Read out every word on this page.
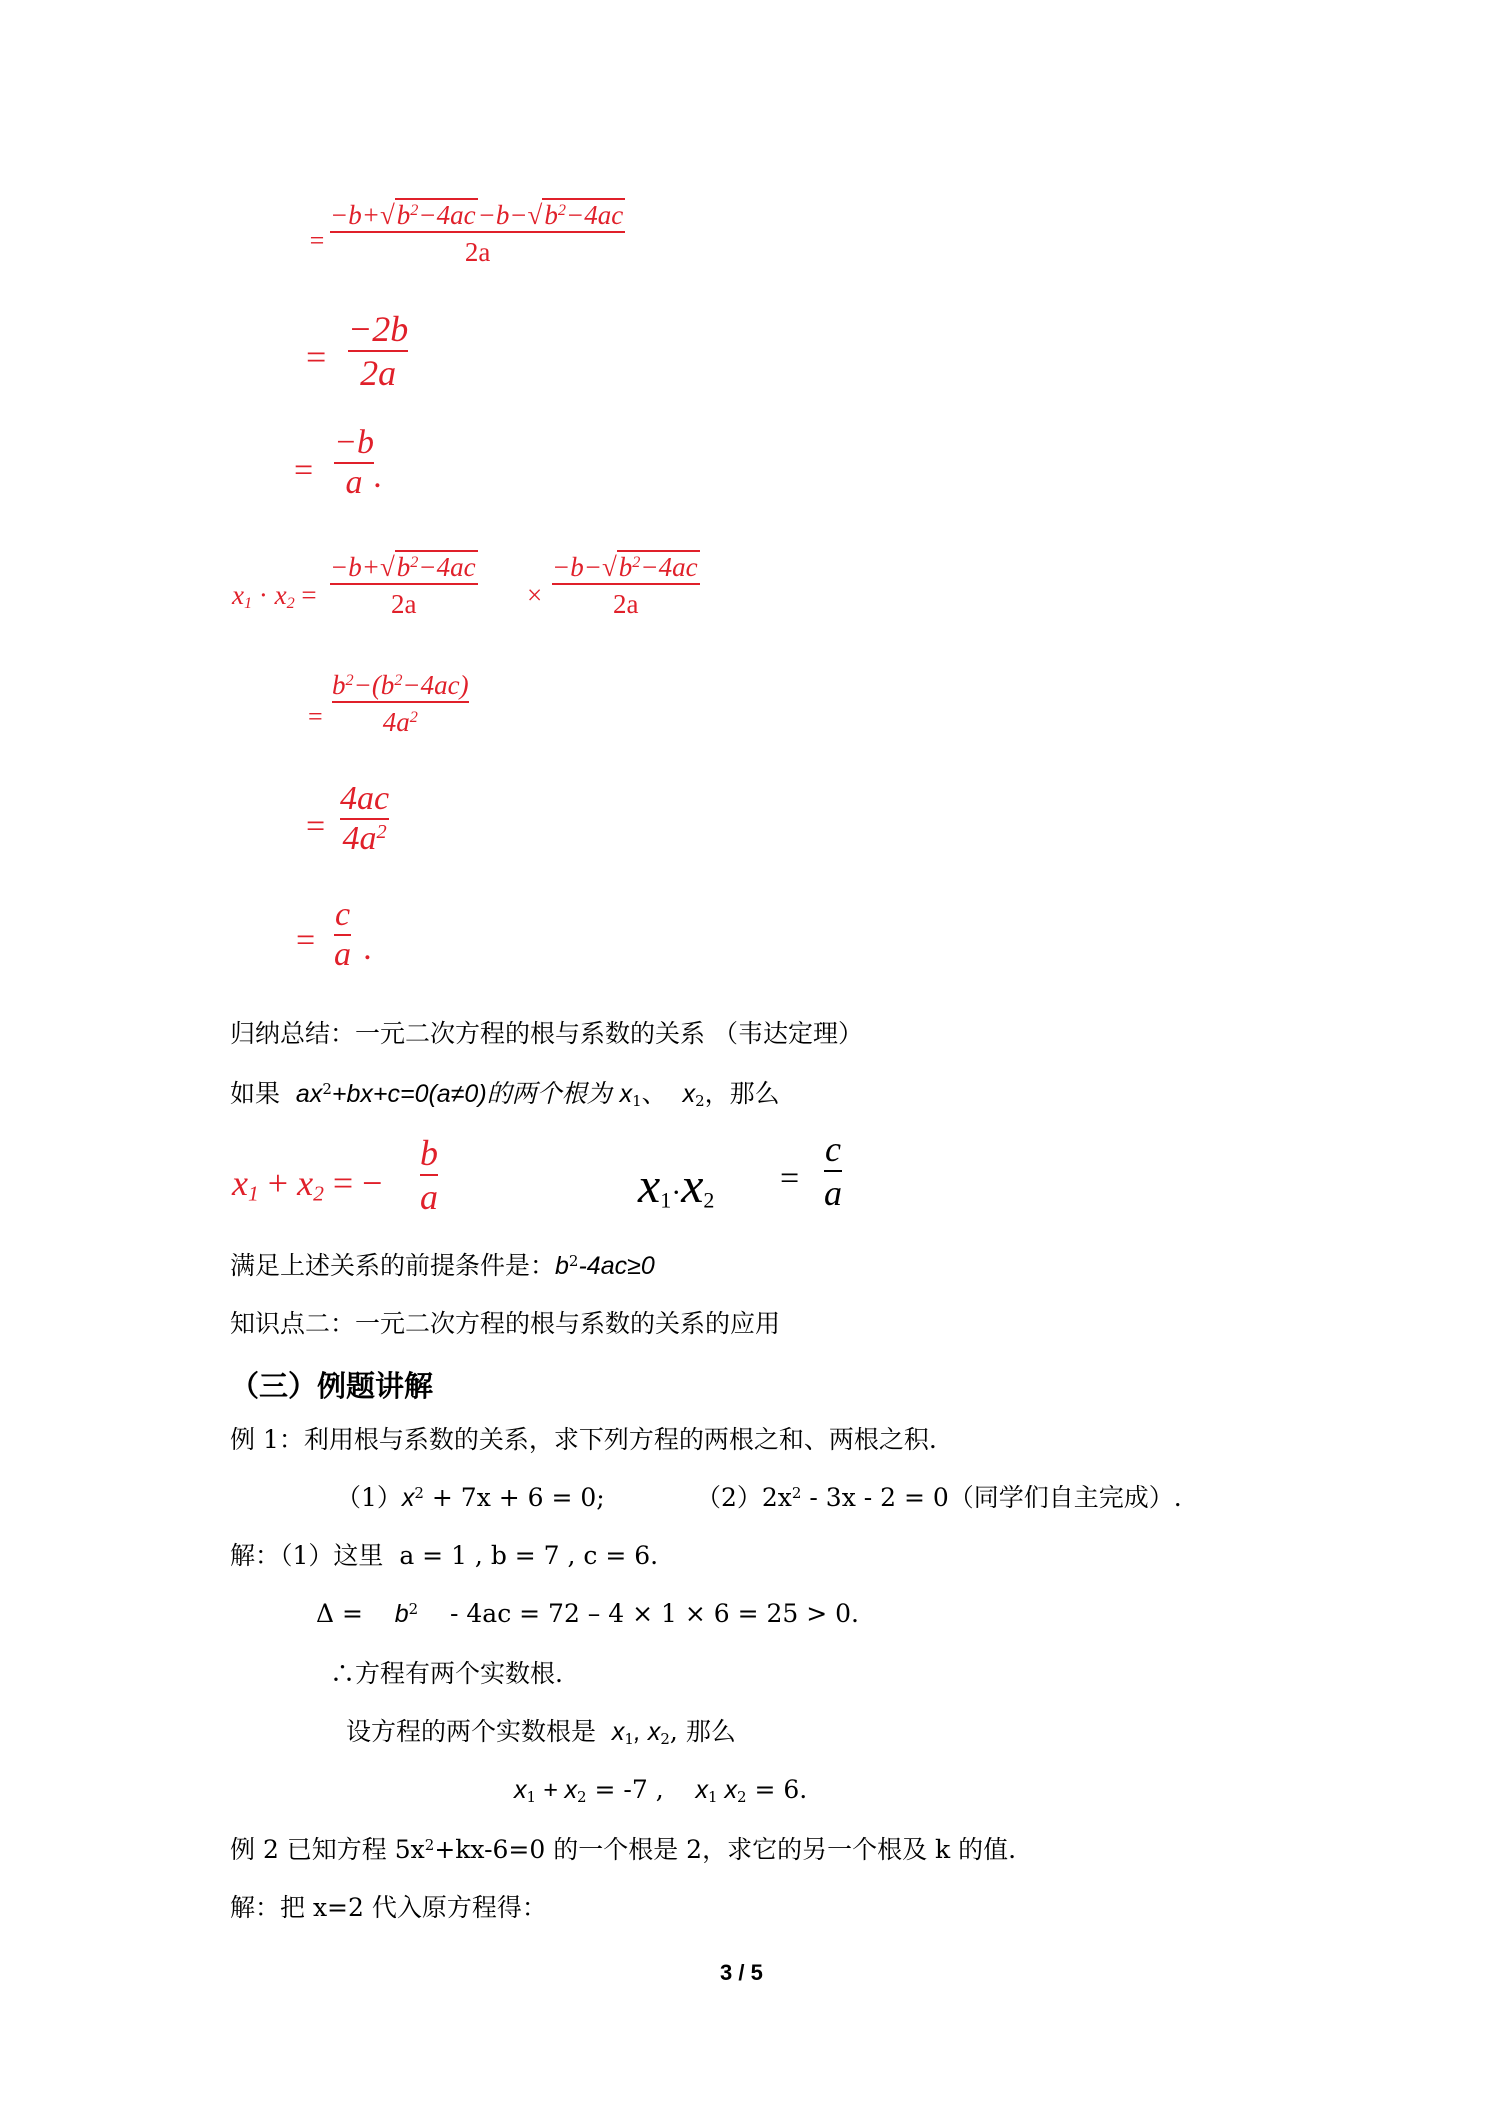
=
$-b+√b^2-4ac-b-√b^2-4ac$
2a
=
−2b
2a
=
−b
a .
$x_1 \cdot x_2$ =
$-b+√b^2-4ac$
2a	×
$-b-√b^2-4ac$
2a
=
$b^2-(b^2-4ac)$
$4a^2$
=
4ac
$4a^2$
=
c
a .
归纳总结：一元二次方程的根与系数的关系 （韦达定理）
如果 $ax^2+bx+c=0(a\ne 0)$的两个根为 $x_1$、 $x_2$，那么
$x_1 + x_2$ = −
b
a	$x_1\cdot x_2$
=
c
a
满足上述关系的前提条件是：$b^2-4ac\ge 0$
知识点二：一元二次方程的根与系数的关系的应用
（三）例题讲解
例 1：利用根与系数的关系，求下列方程的两根之和、两根之积.
$(1)x^2 + 7x + 6 = 0$;	$(2)2x^2 - 3x - 2 = 0$（同学们自主完成）.
解：（1）这里 a = 1 , b = 7 , c = 6.
$\Delta = b^2 - 4ac = 72 - 4 \times 1 \times 6 = 25 > 0$.
∴方程有两个实数根.
设方程的两个实数根是 $x_1$, $x_2$, 那么
$x_1 + x_2 = -7$ , $x_1$ $x_2 = 6$.
例 2 已知方程 $5x^2+kx-6=0$ 的一个根是 2，求它的另一个根及 k 的值.
解：把 x=2 代入原方程得：
3 / 5
